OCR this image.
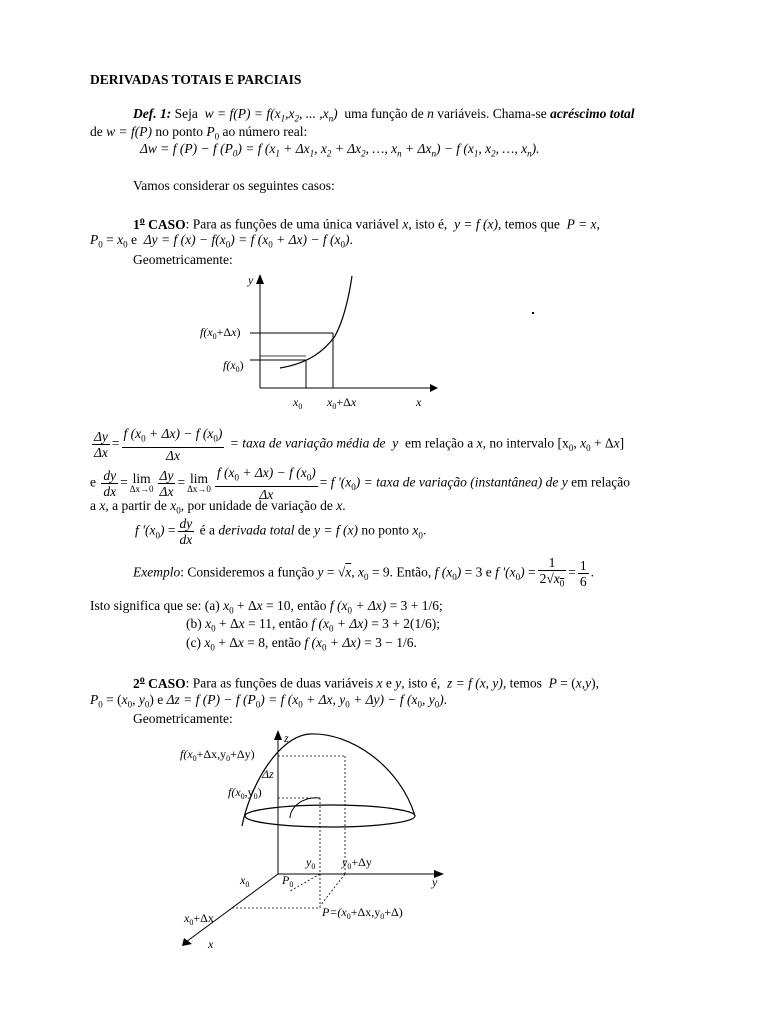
DERIVADAS TOTAIS E PARCIAIS
Def. 1: Seja $w = f(P) = f(x_1,x_2$, ... $,x_n$) uma função de n variáveis. Chama-se acréscimo total
de w = f(P) no ponto $P_0$ ao número real:
Δw = f (P) − f $(P_0) = f$ ($x_1 + \Delta x_1$, $x_2 + \Delta x_2$, …, $x_n + \Delta x_n) - f$ ($x_1$, $x_2$, …, $x_n$).
Vamos considerar os seguintes casos:
1$^o$ CASO: Para as funções de uma única variável x, isto é, y = f (x), temos que P = x,
$P_0 = x_0$ e Δy = f $(x) - f(x_0) = f$ $(x_0 + \Delta x) - f$ $(x_0)$.
Geometricamente:
y
x
$f(x_0+\Delta x)$
$f(x_0)$
$x_0$ $x_0+\Delta x$
$\frac{\Delta y}{\Delta x} = \frac{f (x_0 + \Delta x) - f (x_0)}{\Delta x}$ = taxa de variação média de y em relação a x, no intervalo [$x_0$, $x_0 + \Delta x$]
e $\frac{dy}{dx} = \lim$
$\Delta x\to 0 \frac{\Delta y}{\Delta x} = \lim$
$\Delta x\to 0 \frac{f (x_0 + \Delta x) - f (x_0)}{\Delta x} = f$ '$(x_0)$ = taxa de variação (instantânea) de y em relação
a x, a partir de $x_0$, por unidade de variação de x.
f '$(x_0) = \frac{dy}{dx}$ é a derivada total de y = f (x) no ponto $x_0$.
Exemplo: Consideremos a função y = √x, $x_0 = 9$. Então, f $(x_0) = 3$ e f '$(x_0) = \frac{1}{2√x_0} = \frac{1}{6}$ .
Isto significa que se: (a) $x_0 + \Delta x = 10$, então f $(x_0 + \Delta x) = 3 + 1/6$;
(b) $x_0 + \Delta x = 11$, então f $(x_0 + \Delta x) = 3 + 2(1/6)$;
(c) $x_0 + \Delta x = 8$, então f $(x_0 + \Delta x) = 3 - 1/6$.
2$^o$ CASO: Para as funções de duas variáveis x e y, isto é, z = f (x, y), temos P = (x,y),
$P_0 = (x_0$, $y_0$) e Δz = f (P) − f $(P_0) = f$ ($x_0 + \Delta x$, $y_0 + \Delta y) - f$ ($x_0$, $y_0$).
Geometricamente:
z
$f(x_0+\Delta x,y_0+\Delta y)$
Δz
$f(x_0,y_0)$
$y_0$ $y_0+\Delta y$
$x_0$	$P_0$	y
$x_0+\Delta x$	$P=(x_0+\Delta x,y_0+\Delta)$
x
